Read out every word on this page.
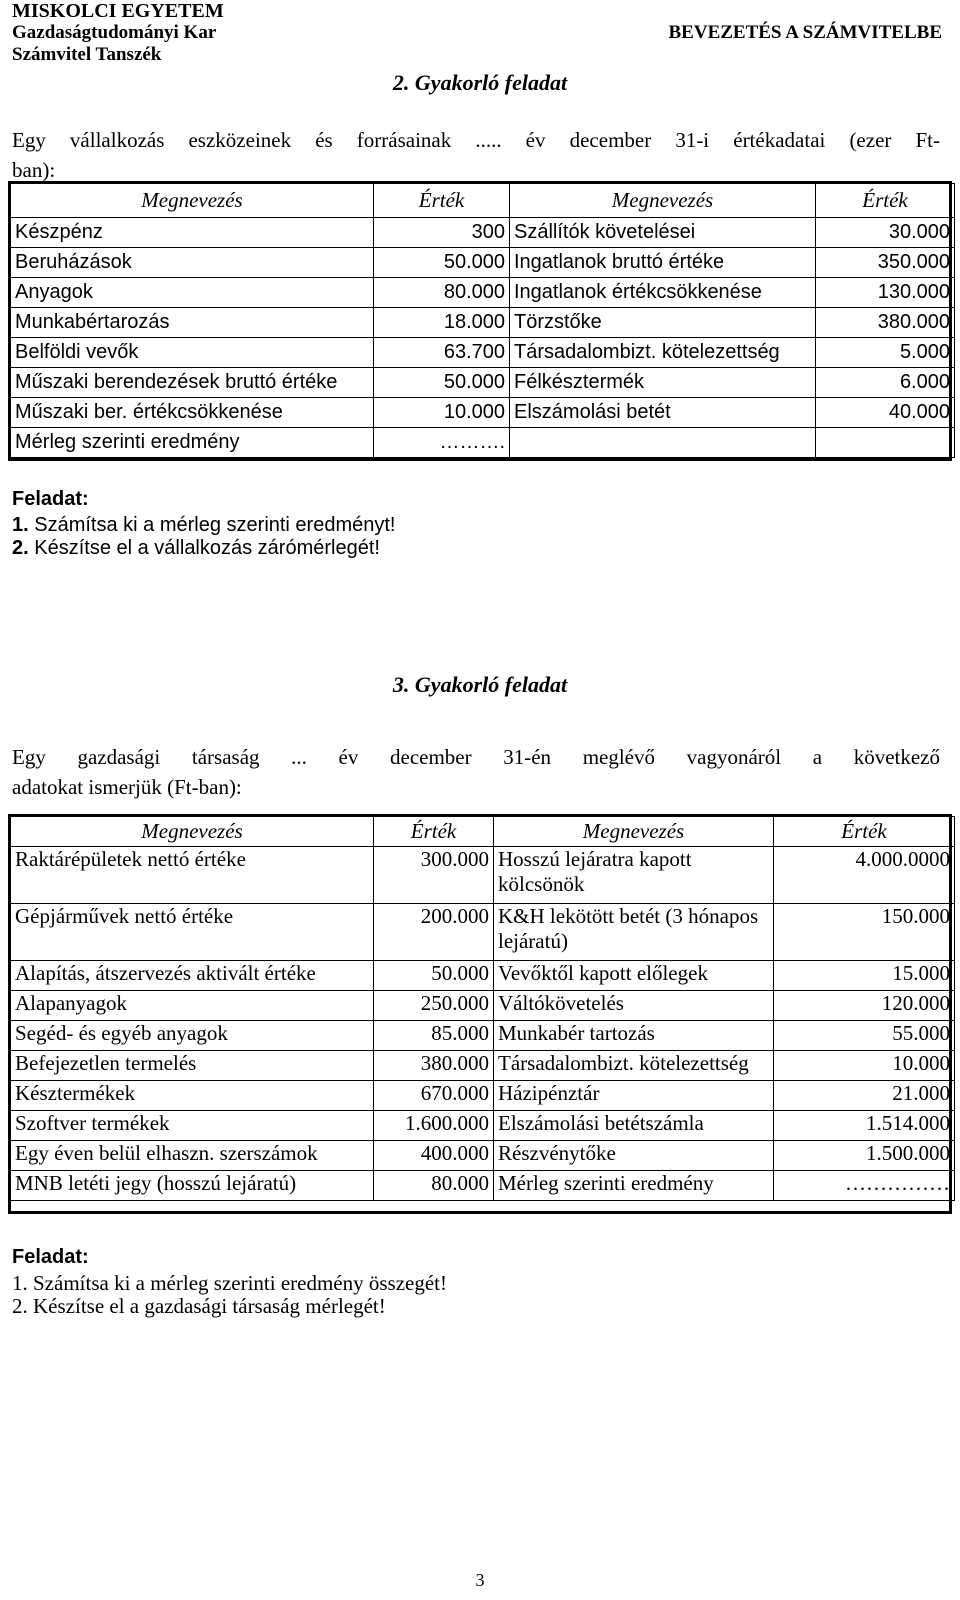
MISKOLCI EGYETEM
Gazdaságtudományi Kar
Számvitel Tanszék
BEVEZETÉS A SZÁMVITELBE
2. Gyakorló feladat
Egy vállalkozás eszközeinek és forrásainak ..... év december 31-i értékadatai (ezer Ft-
ban):
Megnevezés	Érték	Megnevezés	Érték
Készpénz	300	Szállítók követelései	30.000
Beruházások	50.000	Ingatlanok bruttó értéke	350.000
Anyagok	80.000	Ingatlanok értékcsökkenése	130.000
Munkabértarozás	18.000	Törzstőke	380.000
Belföldi vevők	63.700	Társadalombizt. kötelezettség	5.000
Műszaki berendezések bruttó értéke	50.000	Félkésztermék	6.000
Műszaki ber. értékcsökkenése	10.000	Elszámolási betét	40.000
Mérleg szerinti eredmény	……….		
Feladat:
1. Számítsa ki a mérleg szerinti eredményt!
2. Készítse el a vállalkozás zárómérlegét!
3. Gyakorló feladat
Egy gazdasági társaság ... év december 31-én meglévő vagyonáról a következő
adatokat ismerjük (Ft-ban):
Megnevezés	Érték	Megnevezés	Érték
Raktárépületek nettó értéke	300.000	Hosszú lejáratra kapott kölcsönök	4.000.0000
Gépjárművek nettó értéke	200.000	K&H lekötött betét (3 hónapos lejáratú)	150.000
Alapítás, átszervezés aktivált értéke	50.000	Vevőktől kapott előlegek	15.000
Alapanyagok	250.000	Váltókövetelés	120.000
Segéd- és egyéb anyagok	85.000	Munkabér tartozás	55.000
Befejezetlen termelés	380.000	Társadalombizt. kötelezettség	10.000
Késztermékek	670.000	Házipénztár	21.000
Szoftver termékek	1.600.000	Elszámolási betétszámla	1.514.000
Egy éven belül elhaszn. szerszámok	400.000	Részvénytőke	1.500.000
MNB letéti jegy (hosszú lejáratú)	80.000	Mérleg szerinti eredmény	……………
Feladat:
1. Számítsa ki a mérleg szerinti eredmény összegét!
2. Készítse el a gazdasági társaság mérlegét!
3
